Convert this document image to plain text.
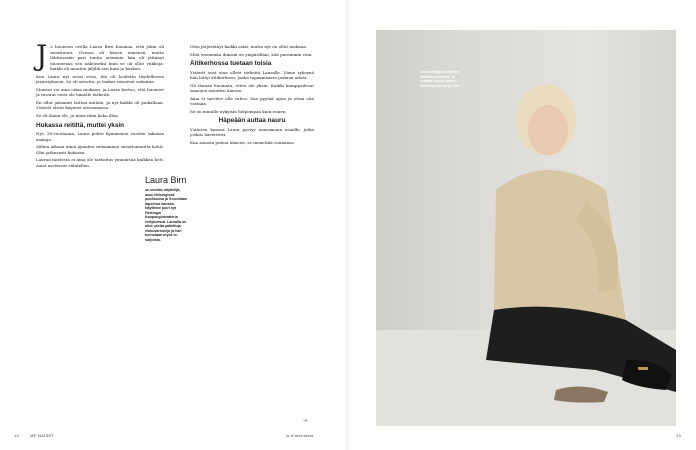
J o huoneen ovella Laura Birn huomaa, että jokin oli muuttunut. Ovessa oli hänen nimensä, mutta lähtiessään pari tuntia aiemmin hän oli jättänyt huoneensa sen näköiseksi kuin se oli ollut viikkoja: kaikki oli muuten jäljillä sen kuin ja kesken.

Kun Laura nyt avasi oven, tila oli hoidettu täydelliseen järjestykseen. Se oli siivottu, ja laukut seisoivat valmiina.

Muistot voi aina ottaa mukaan, ja Laura kertoo, että huoneet ja tavarat eivät ole hänelle tärkeitä.

En ollut jaksanut laittaa mitään, ja nyt kaikki oli paikallaan. Ystävät olivat käyneet siivoamassa.

Se oli ihana ele, ja minä itkin koko illan.

Hukassa reitiltä, muttei yksin

Nyt, 30-vuotiaana, Laura pohtii kymmenen vuoden takaisia aiakoja.

Siihen aikaan minä ajaudun seilaamaan suruttomuutta kohti. Olin jatkuvasti hukassa.

Lauran mielestä ei aina ole tarkoitus ymmärtää kaikkea heti. Asiat asettuvat vähitellen.

Laura Birn
se-vuotias näyttelijä, asuu Helsingissä puolisonsa ja 5-vuotiaan lapsensa kanssa. Näyttelee juuri nyt Helsingin Kaupunginteatterin esityksessä. Lauralla on ollut useita palkittuja elokuvarooleja ja hän tunnetaan myös tv-sarjoista.

Olen järjestänyt kaikki asiat, mutta nyt en ollut mukana.

Mitä enemmän ihmisiä on ympärilläni, sitä paremmin voin.

Äitikerhossa tuetaan toisia

Ystävät ovat aina olleet tärkeitä Lauralle. Viime syksynä hän liittyi äitikerhoon, jonka tapaamisissa jaetaan arkea.

Oli ihanaa huomata, etten ole yksin. Kaikki kamppailevat samojen asioiden kanssa.

Aina ei tarvitse olla vahva. Saa pyytää apua ja ottaa sitä vastaan.

Se on minulle nykyisin helpompaa kuin ennen.

Häpeään auttaa nauru

Ystävien kanssa Laura pystyy nauramaan asioille, jotka joskus hävettivät.

Kun asiasta puhuu ääneen, se menettää voimansa.

→
Laura viihtyy mieluiten ihmisten keskellä, ja ystävät tuovat hänen arkeensa turvaa ja iloa.
12	ME NAISET	is.fi/menaiset	13
